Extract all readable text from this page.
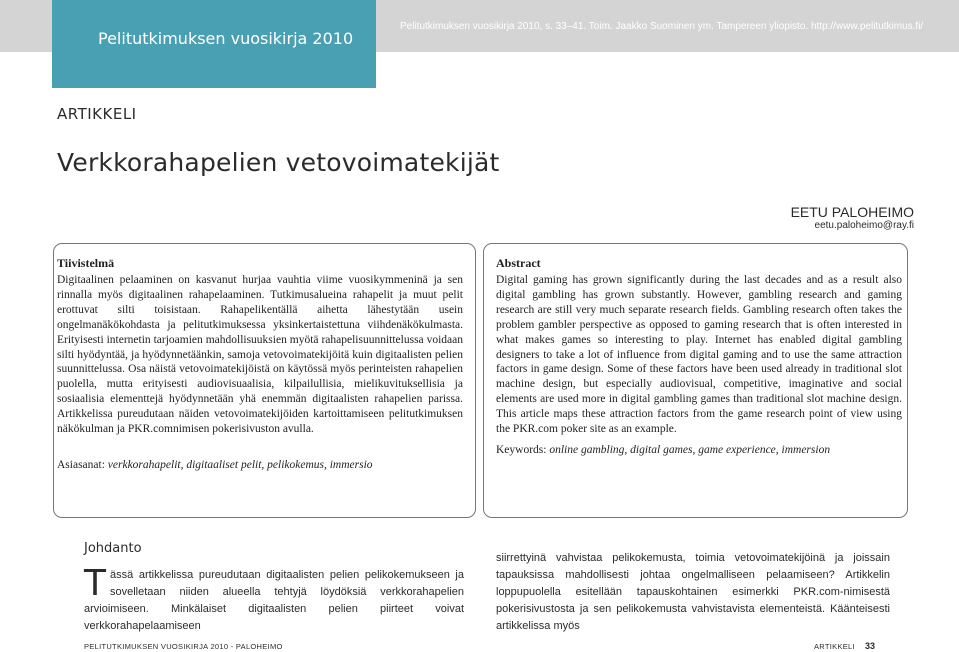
Pelitutkimuksen vuosikirja 2010
Pelitutkimuksen vuosikirja 2010, s. 33–41. Toim. Jaakko Suominen ym. Tampereen yliopisto. http://www.pelitutkimus.fi/
ARTIKKELI
Verkkorahapelien vetovoimatekijät
EETU PALOHEIMO
eetu.paloheimo@ray.fi
Tiivistelmä
Digitaalinen pelaaminen on kasvanut hurjaa vauhtia viime vuosikymmeninä ja sen rinnalla myös digitaalinen rahapelaaminen. Tutkimusalueina rahapelit ja muut pelit erottuvat silti toisistaan. Rahapelikentällä aihetta lähestytään usein ongelmanäkökohdasta ja pelitutkimuksessa yksinkertaistettuna viihdenäkökulmasta. Erityisesti internetin tarjoamien mahdollisuuksien myötä rahapelisuunnittelussa voidaan silti hyödyntää, ja hyödynnetäänkin, samoja vetovoimatekijöitä kuin digitaalisten pelien suunnittelussa. Osa näistä vetovoimatekijöistä on käytössä myös perinteisten rahapelien puolella, mutta erityisesti audiovisuaalisia, kilpailullisia, mielikuvituksellisia ja sosiaalisia elementtejä hyödynnetään yhä enemmän digitaalisten rahapelien parissa. Artikkelissa pureudutaan näiden vetovoimatekijöiden kartoittamiseen pelitutkimuksen näkökulman ja PKR.comnimisen pokerisivuston avulla.
Asiasanat: verkkorahapelit, digitaaliset pelit, pelikokemus, immersio
Abstract
Digital gaming has grown significantly during the last decades and as a result also digital gambling has grown substantly. However, gambling research and gaming research are still very much separate research fields. Gambling research often takes the problem gambler perspective as opposed to gaming research that is often interested in what makes games so interesting to play. Internet has enabled digital gambling designers to take a lot of influence from digital gaming and to use the same attraction factors in game design. Some of these factors have been used already in traditional slot machine design, but especially audiovisual, competitive, imaginative and social elements are used more in digital gambling games than traditional slot machine design. This article maps these attraction factors from the game research point of view using the PKR.com poker site as an example.
Keywords: online gambling, digital games, game experience, immersion
Johdanto
Tässä artikkelissa pureudutaan digitaalisten pelien pelikokemukseen ja sovelletaan niiden alueella tehtyjä löydöksiä verkkorahapelien arvioimiseen. Minkälaiset digitaalisten pelien piirteet voivat verkkorahapelaamiseen
siirrettyinä vahvistaa pelikokemusta, toimia vetovoimatekijöinä ja joissain tapauksissa mahdollisesti johtaa ongelmalliseen pelaamiseen? Artikkelin loppupuolella esitellään tapauskohtainen esimerkki PKR.com-nimisestä pokerisivustosta ja sen pelikokemusta vahvistavista elementeistä. Käänteisesti artikkelissa myös
PELITUTKIMUKSEN VUOSIKIRJA 2010 - PALOHEIMO	ARTIKKELI 33
